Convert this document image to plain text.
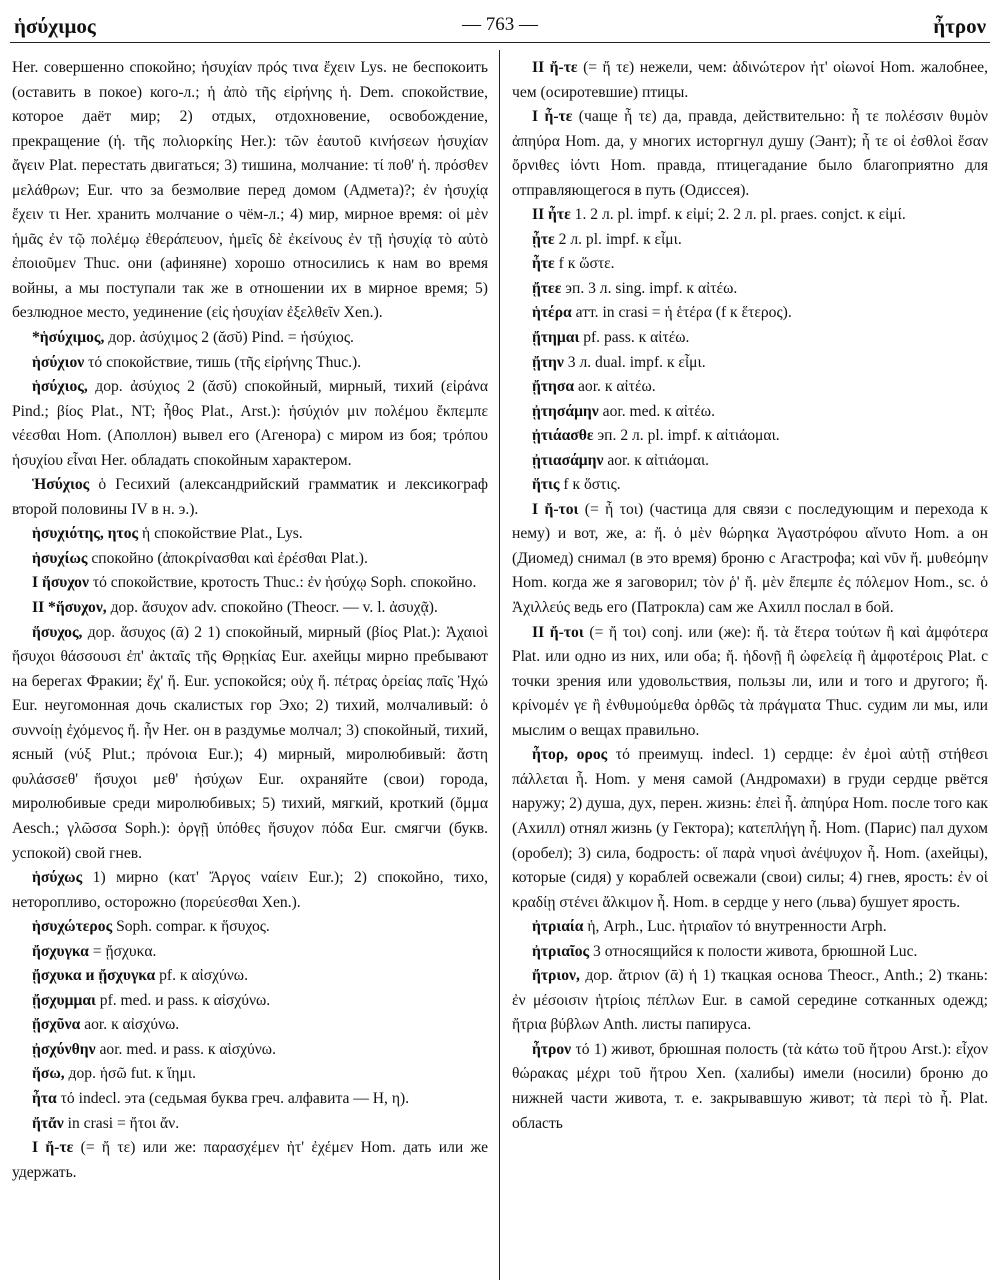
ἡσύχιμος	— 763 —	ἦτρον

Her. совершенно спокойно; ἡσυχίαν πρός τινα ἔχειν Lys. не беспокоить (оставить в покое) кого-л.; ἡ ἀπὸ τῆς εἰρήνης ἡ. Dem. спокойствие, которое даёт мир; 2) отдых, отдохновение, освобождение, прекращение (ἡ. τῆς πολιορκίης Her.): τῶν ἑαυτοῦ κινήσεων ἡσυχίαν ἄγειν Plat. перестать двигаться; 3) тишина, молчание: τί ποθ' ἡ. πρόσθεν μελάθρων; Eur. что за безмолвие перед домом (Адмета)?; ἐν ἡσυχίᾳ ἔχειν τι Her. хранить молчание о чём-л.; 4) мир, мирное время: οἱ μὲν ἡμᾶς ἐν τῷ πολέμῳ ἐθεράπευον, ἡμεῖς δὲ ἐκείνους ἐν τῇ ἡσυχίᾳ τὸ αὐτὸ ἐποιοῦμεν Thuc. они (афиняне) хорошо относились к нам во время войны, а мы поступали так же в отношении их в мирное время; 5) безлюдное место, уединение (εἰς ἡσυχίαν ἐξελθεῖν Xen.).

*ἡσύχιμος, дор. ἀσύχιμος 2 (ᾰσῠ) Pind. = ἡσύχιος.

ἡσύχιον τό спокойствие, тишь (τῆς εἰρήνης Thuc.).

ἡσύχιος, дор. ἀσύχιος 2 (ᾰσῠ) спокойный, мирный, тихий (εἰράνα Pind.; βίος Plat., NT; ἦθος Plat., Arst.): ἡσύχιόν μιν πολέμου ἔκπεμπε νέεσθαι Hom. (Аполлон) вывел его (Агенора) с миром из боя; τρόπου ἡσυχίου εἶναι Her. обладать спокойным характером.

Ἡσύχιος ὁ Гесихий (александрийский грамматик и лексикограф второй половины IV в н. э.).

ἡσυχιότης, ητος ἡ спокойствие Plat., Lys.

ἡσυχίως спокойно (ἀποκρίνασθαι καὶ ἐρέσθαι Plat.).

I ἥσυχον τό спокойствие, кротость Thuc.: ἐν ἡσύχῳ Soph. спокойно.

II *ἥσυχον, дор. ἅσυχον adv. спокойно (Theocr. — v. l. ἀσυχᾷ).

ἥσυχος, дор. ἅσυχος (ᾱ) 2 1) спокойный, мирный (βίος Plat.): Ἀχαιοὶ ἥσυχοι θάσσουσι ἐπ' ἀκταῖς τῆς Θρῃκίας Eur. ахейцы мирно пребывают на берегах Фракии; ἔχ' ἥ. Eur. успокойся; οὐχ ἥ. πέτρας ὀρείας παῖς Ἠχώ Eur. неугомонная дочь скалистых гор Эхо; 2) тихий, молчаливый: ὁ συννοίῃ ἐχόμενος ἥ. ἦν Her. он в раздумье молчал; 3) спокойный, тихий, ясный (νύξ Plut.; πρόνοια Eur.); 4) мирный, миролюбивый: ἄστη φυλάσσεθ' ἥσυχοι μεθ' ἡσύχων Eur. охраняйте (свои) города, миролюбивые среди миролюбивых; 5) тихий, мягкий, кроткий (ὄμμα Aesch.; γλῶσσα Soph.): ὀργῇ ὑπόθες ἥσυχον πόδα Eur. смягчи (букв. успокой) свой гнев.

ἡσύχως 1) мирно (κατ' Ἄργος ναίειν Eur.); 2) спокойно, тихо, неторопливо, осторожно (πορεύεσθαι Xen.).

ἡσυχώτερος Soph. compar. к ἥσυχος.

ἤσχυγκα = ᾔσχυκα.

ᾔσχυκα и ᾔσχυγκα pf. к αἰσχύνω.

ᾔσχυμμαι pf. med. и pass. к αἰσχύνω.

ᾔσχῦνα aor. к αἰσχύνω.

ᾐσχύνθην aor. med. и pass. к αἰσχύνω.

ἥσω, дор. ἡσῶ fut. к ἵημι.

ἦτα τό indecl. эта (седьмая буква греч. алфавита — Η, η).

ἤτἄν in crasi = ἤτοι ἄν.

I ἤ-τε (= ἤ τε) или же: παρασχέμεν ἠτ' ἐχέμεν Hom. дать или же удержать.

II ἤ-τε (= ἤ τε) нежели, чем: ἀδινώτερον ἠτ' οἰωνοί Hom. жалобнее, чем (осиротевшие) птицы.

I ἦ-τε (чаще ἦ τε) да, правда, действительно: ἦ τε πολέσσιν θυμὸν ἀπηύρα Hom. да, у многих исторгнул душу (Эант); ἦ τε οἱ ἐσθλοὶ ἔσαν ὄρνιθες ἰόντι Hom. правда, птицегадание было благоприятно для отправляющегося в путь (Одиссея).

II ἦτε 1. 2 л. pl. impf. к εἰμί; 2. 2 л. pl. praes. conjct. к εἰμί.

ᾖτε 2 л. pl. impf. к εἶμι.

ἦτε f к ὥστε.

ᾔτεε эп. 3 л. sing. impf. к αἰτέω.

ἡτέρα атт. in crasi = ἡ ἑτέρα (f к ἕτερος).

ᾔτημαι pf. pass. к αἰτέω.

ᾔτην 3 л. dual. impf. к εἶμι.

ᾔτησα aor. к αἰτέω.

ᾐτησάμην aor. med. к αἰτέω.

ᾐτιάασθε эп. 2 л. pl. impf. к αἰτιάομαι.

ᾐτιασάμην aor. к αἰτιάομαι.

ἥτις f к ὅστις.

I ἤ-τοι (= ἦ τοι) (частица для связи с последующим и перехода к нему) и вот, же, а: ἤ. ὁ μὲν θώρηκα Ἀγαστρόφου αἴνυτο Hom. а он (Диомед) снимал (в это время) броню с Агастрофа; καὶ νῦν ἤ. μυθεόμην Hom. когда же я заговорил; τὸν ῥ' ἤ. μὲν ἔπεμπε ἐς πόλεμον Hom., sc. ὁ Ἀχιλλεύς ведь его (Патрокла) сам же Ахилл послал в бой.

II ἤ-τοι (= ἤ τοι) conj. или (же): ἤ. τὰ ἕτερα τούτων ἢ καὶ ἀμφότερα Plat. или одно из них, или оба; ἤ. ἡδονῇ ἢ ὠφελείᾳ ἢ ἀμφοτέροις Plat. с точки зрения или удовольствия, пользы ли, или и того и другого; ἤ. κρίνομέν γε ἢ ἐνθυμούμεθα ὀρθῶς τὰ πράγματα Thuc. судим ли мы, или мыслим о вещах правильно.

ἦτορ, ορος τό преимущ. indecl. 1) сердце: ἐν ἐμοὶ αὐτῇ στήθεσι πάλλεται ἦ. Hom. у меня самой (Андромахи) в груди сердце рвётся наружу; 2) душа, дух, перен. жизнь: ἐπεὶ ἦ. ἀπηύρα Hom. после того как (Ахилл) отнял жизнь (у Гектора); κατεπλήγη ἦ. Hom. (Парис) пал духом (оробел); 3) сила, бодрость: οἵ παρὰ νηυσὶ ἀνέψυχον ἦ. Hom. (ахейцы), которые (сидя) у кораблей освежали (свои) силы; 4) гнев, ярость: ἐν οἱ κραδίῃ στένει ἄλκιμον ἦ. Hom. в сердце у него (льва) бушует ярость.

ἠτριαία ἡ, Arph., Luc. ἠτριαῖον τό внутренности Arph.

ἠτριαῖος 3 относящийся к полости живота, брюшной Luc.

ἤτριον, дор. ἄτριον (ᾱ) ἡ 1) ткацкая основа Theocr., Anth.; 2) ткань: ἐν μέσοισιν ἠτρίοις πέπλων Eur. в самой середине сотканных одежд; ἤτρια βύβλων Anth. листы папируса.

ἦτρον τό 1) живот, брюшная полость (τὰ κάτω τοῦ ἤτρου Arst.): εἶχον θώρακας μέχρι τοῦ ἤτρου Xen. (халибы) имели (носили) броню до нижней части живота, т. е. закрывавшую живот; τὰ περὶ τὸ ἦ. Plat. область
